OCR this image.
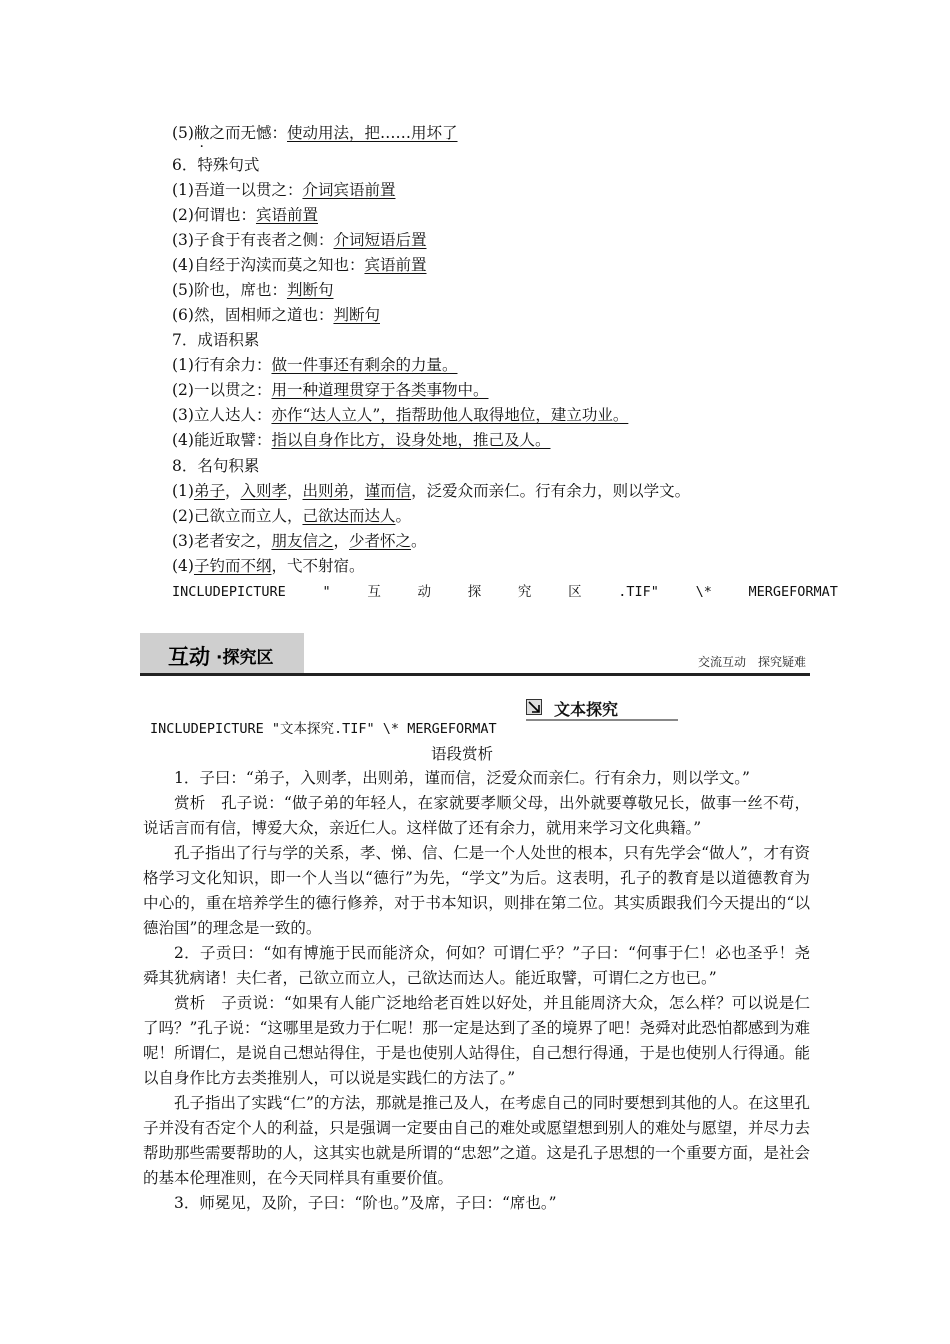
(5)敝之而无憾：使动用法，把……用坏了
6．特殊句式
(1)吾道一以贯之：介词宾语前置
(2)何谓也：宾语前置
(3)子食于有丧者之侧：介词短语后置
(4)自经于沟渎而莫之知也：宾语前置
(5)阶也，席也：判断句
(6)然，固相师之道也：判断句
7．成语积累
(1)行有余力：做一件事还有剩余的力量。
(2)一以贯之：用一种道理贯穿于各类事物中。
(3)立人达人：亦作“达人立人”，指帮助他人取得地位，建立功业。
(4)能近取譬：指以自身作比方，设身处地，推己及人。
8．名句积累
(1)弟子，入则孝，出则弟，谨而信，泛爱众而亲仁。行有余力，则以学文。
(2)己欲立而立人，己欲达而达人。
(3)老者安之，朋友信之，少者怀之。
(4)子钓而不纲，弋不射宿。
INCLUDEPICTURE	"	互	动	探	究	区	.TIF"	\*	MERGEFORMAT
互动 ·探究区	交流互动　探究疑难
文本探究
INCLUDEPICTURE "文本探究.TIF" \* MERGEFORMAT
语段赏析

1．子曰：“弟子，入则孝，出则弟，谨而信，泛爱众而亲仁。行有余力，则以学文。”

赏析　孔子说：“做子弟的年轻人，在家就要孝顺父母，出外就要尊敬兄长，做事一丝不苟，说话言而有信，博爱大众，亲近仁人。这样做了还有余力，就用来学习文化典籍。”

孔子指出了行与学的关系，孝、悌、信、仁是一个人处世的根本，只有先学会“做人”，才有资格学习文化知识，即一个人当以“德行”为先，“学文”为后。这表明，孔子的教育是以道德教育为中心的，重在培养学生的德行修养，对于书本知识，则排在第二位。其实质跟我们今天提出的“以德治国”的理念是一致的。

2．子贡曰：“如有博施于民而能济众，何如？可谓仁乎？”子曰：“何事于仁！必也圣乎！尧舜其犹病诸！夫仁者，己欲立而立人，己欲达而达人。能近取譬，可谓仁之方也已。”

赏析　子贡说：“如果有人能广泛地给老百姓以好处，并且能周济大众，怎么样？可以说是仁了吗？”孔子说：“这哪里是致力于仁呢！那一定是达到了圣的境界了吧！尧舜对此恐怕都感到为难呢！所谓仁，是说自己想站得住，于是也使别人站得住，自己想行得通，于是也使别人行得通。能以自身作比方去类推别人，可以说是实践仁的方法了。”

孔子指出了实践“仁”的方法，那就是推己及人，在考虑自己的同时要想到其他的人。在这里孔子并没有否定个人的利益，只是强调一定要由自己的难处或愿望想到别人的难处与愿望，并尽力去帮助那些需要帮助的人，这其实也就是所谓的“忠恕”之道。这是孔子思想的一个重要方面，是社会的基本伦理准则，在今天同样具有重要价值。

3．师冕见，及阶，子曰：“阶也。”及席，子曰：“席也。”
